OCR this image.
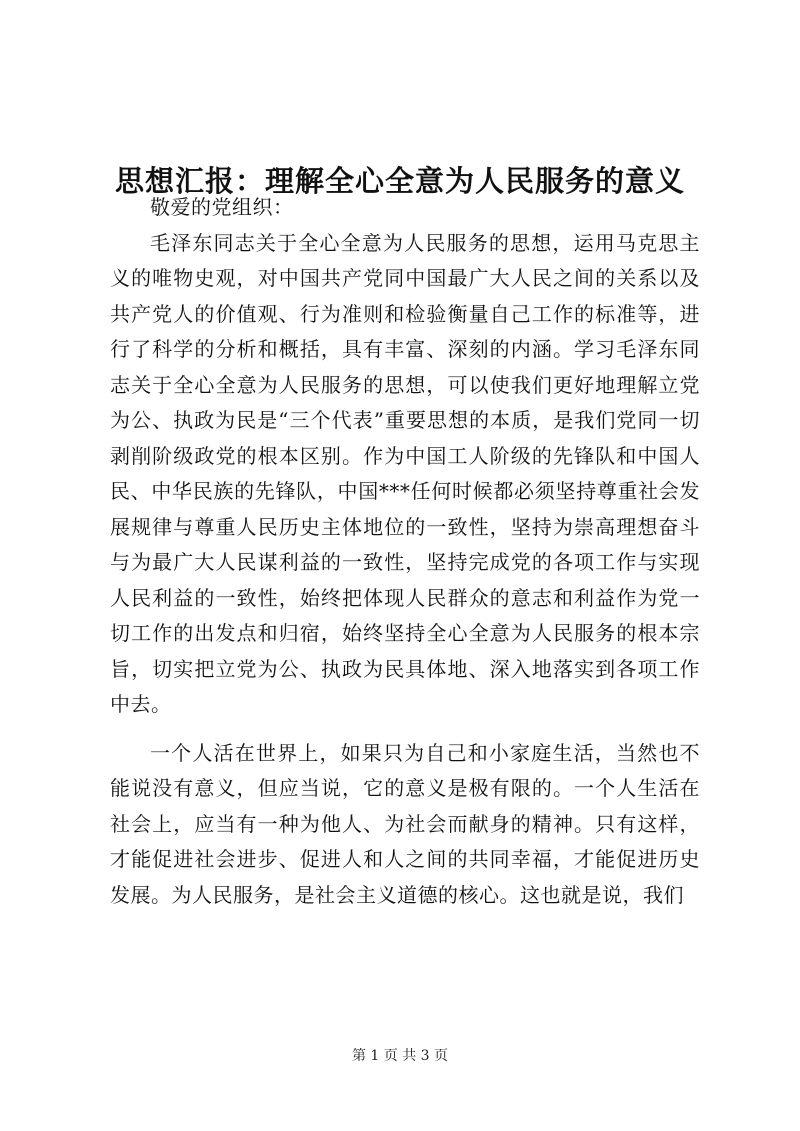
思想汇报：理解全心全意为人民服务的意义

敬爱的党组织：

毛泽东同志关于全心全意为人民服务的思想，运用马克思主义的唯物史观，对中国共产党同中国最广大人民之间的关系以及共产党人的价值观、行为准则和检验衡量自己工作的标准等，进行了科学的分析和概括，具有丰富、深刻的内涵。学习毛泽东同志关于全心全意为人民服务的思想，可以使我们更好地理解立党为公、执政为民是“三个代表”重要思想的本质，是我们党同一切剥削阶级政党的根本区别。作为中国工人阶级的先锋队和中国人民、中华民族的先锋队，中国***任何时候都必须坚持尊重社会发展规律与尊重人民历史主体地位的一致性，坚持为崇高理想奋斗与为最广大人民谋利益的一致性，坚持完成党的各项工作与实现人民利益的一致性，始终把体现人民群众的意志和利益作为党一切工作的出发点和归宿，始终坚持全心全意为人民服务的根本宗旨，切实把立党为公、执政为民具体地、深入地落实到各项工作中去。

一个人活在世界上，如果只为自己和小家庭生活，当然也不能说没有意义，但应当说，它的意义是极有限的。一个人生活在社会上，应当有一种为他人、为社会而献身的精神。只有这样，才能促进社会进步、促进人和人之间的共同幸福，才能促进历史发展。为人民服务，是社会主义道德的核心。这也就是说，我们

第 1 页 共 3 页
